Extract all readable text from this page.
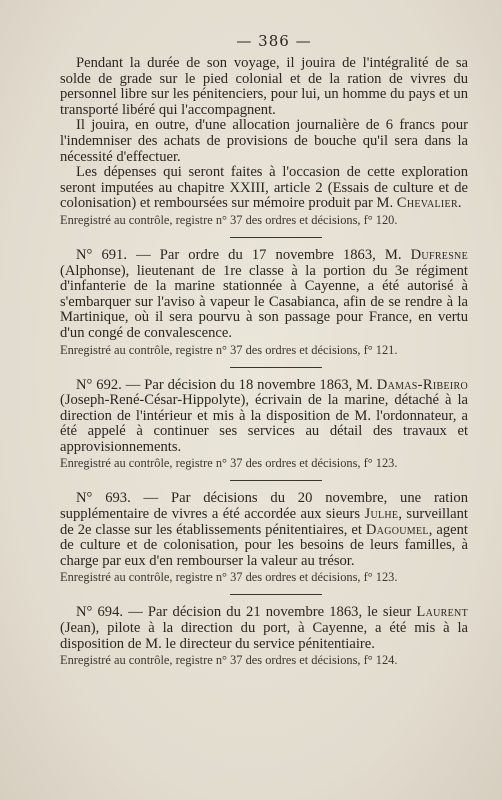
— 386 —

Pendant la durée de son voyage, il jouira de l'intégralité de sa solde de grade sur le pied colonial et de la ration de vivres du personnel libre sur les pénitenciers, pour lui, un homme du pays et un transporté libéré qui l'accompagnent.

Il jouira, en outre, d'une allocation journalière de 6 francs pour l'indemniser des achats de provisions de bouche qu'il sera dans la nécessité d'effectuer.

Les dépenses qui seront faites à l'occasion de cette exploration seront imputées au chapitre XXIII, article 2 (Essais de culture et de colonisation) et remboursées sur mémoire produit par M. Chevalier.

Enregistré au contrôle, registre n° 37 des ordres et décisions, f° 120.

N° 691. — Par ordre du 17 novembre 1863, M. Dufresne (Alphonse), lieutenant de 1re classe à la portion du 3e régiment d'infanterie de la marine stationnée à Cayenne, a été autorisé à s'embarquer sur l'aviso à vapeur le Casabianca, afin de se rendre à la Martinique, où il sera pourvu à son passage pour France, en vertu d'un congé de convalescence.

Enregistré au contrôle, registre n° 37 des ordres et décisions, f° 121.

N° 692. — Par décision du 18 novembre 1863, M. Damas-Ribeiro (Joseph-René-César-Hippolyte), écrivain de la marine, détaché à la direction de l'intérieur et mis à la disposition de M. l'ordonnateur, a été appelé à continuer ses services au détail des travaux et approvisionnements.

Enregistré au contrôle, registre n° 37 des ordres et décisions, f° 123.

N° 693. — Par décisions du 20 novembre, une ration supplémentaire de vivres a été accordée aux sieurs Julhe, surveillant de 2e classe sur les établissements pénitentiaires, et Dagoumel, agent de culture et de colonisation, pour les besoins de leurs familles, à charge par eux d'en rembourser la valeur au trésor.

Enregistré au contrôle, registre n° 37 des ordres et décisions, f° 123.

N° 694. — Par décision du 21 novembre 1863, le sieur Laurent (Jean), pilote à la direction du port, à Cayenne, a été mis à la disposition de M. le directeur du service pénitentiaire.

Enregistré au contrôle, registre n° 37 des ordres et décisions, f° 124.
